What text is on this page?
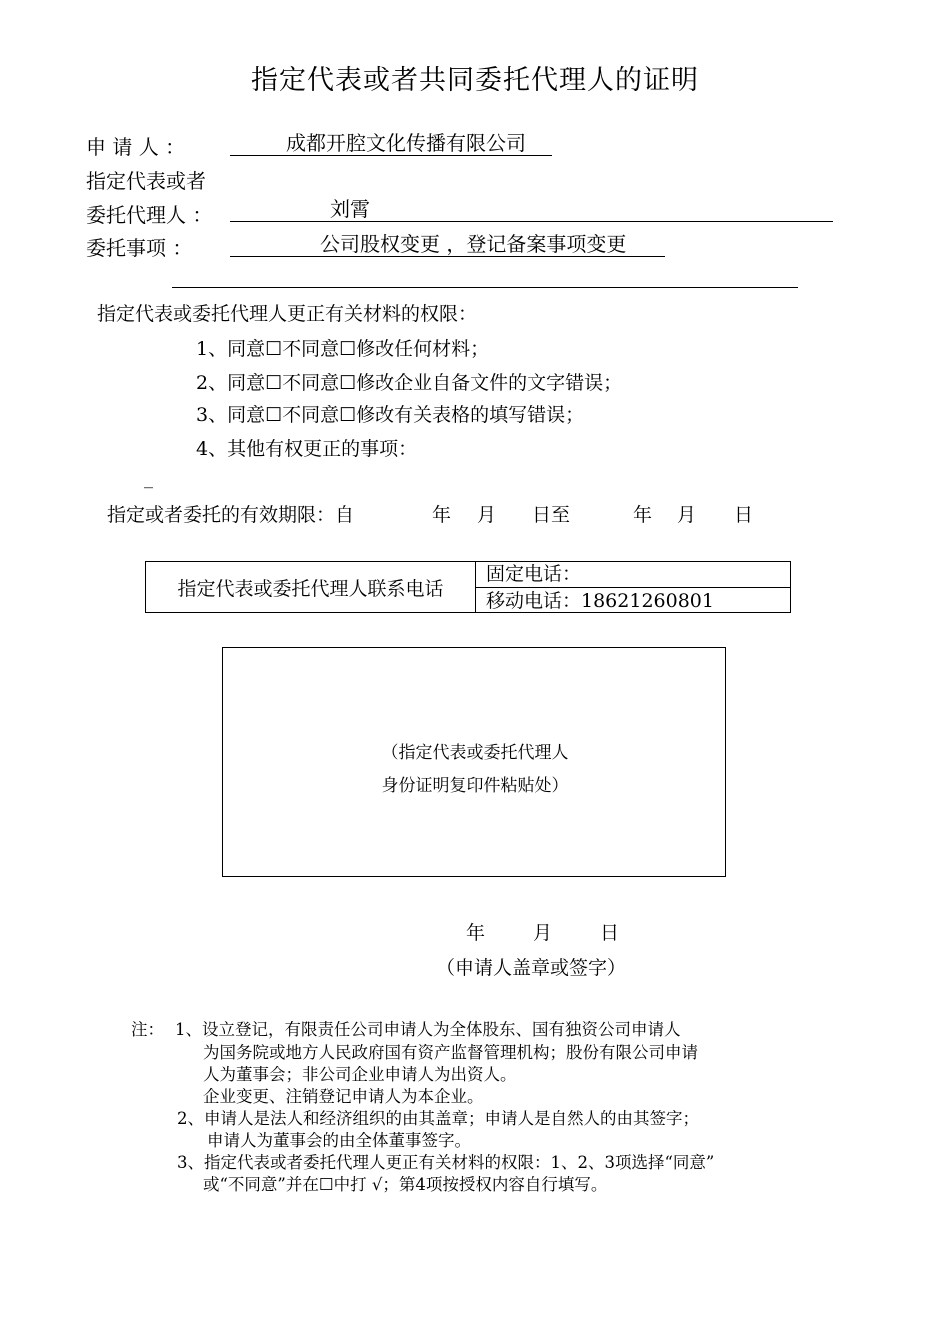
指定代表或者共同委托代理人的证明
申 请 人 ：	成都开腔文化传播有限公司
指定代表或者
委托代理人 ：	刘霄
委托事项 ：	公司股权变更 ，登记备案事项变更
指定代表或委托代理人更正有关材料的权限：
1、同意☐不同意☐修改任何材料；
2、同意☐不同意☐修改企业自备文件的文字错误；
3、同意☐不同意☐修改有关表格的填写错误；
4、其他有权更正的事项：
_
指定或者委托的有效期限：自	年 月 日至	年 月 日
指定代表或委托代理人联系电话
固定电话：
移动电话：18621260801
（指定代表或委托代理人
身份证明复印件粘贴处）
年	月	日
（申请人盖章或签字）
注： 1、设立登记，有限责任公司申请人为全体股东、国有独资公司申请人
为国务院或地方人民政府国有资产监督管理机构；股份有限公司申请
人为董事会；非公司企业申请人为出资人。
企业变更、注销登记申请人为本企业。
2、申请人是法人和经济组织的由其盖章；申请人是自然人的由其签字；
申请人为董事会的由全体董事签字。
3、指定代表或者委托代理人更正有关材料的权限：1、2、3项选择“同意”
或“不同意”并在☐中打 √；第4项按授权内容自行填写。
